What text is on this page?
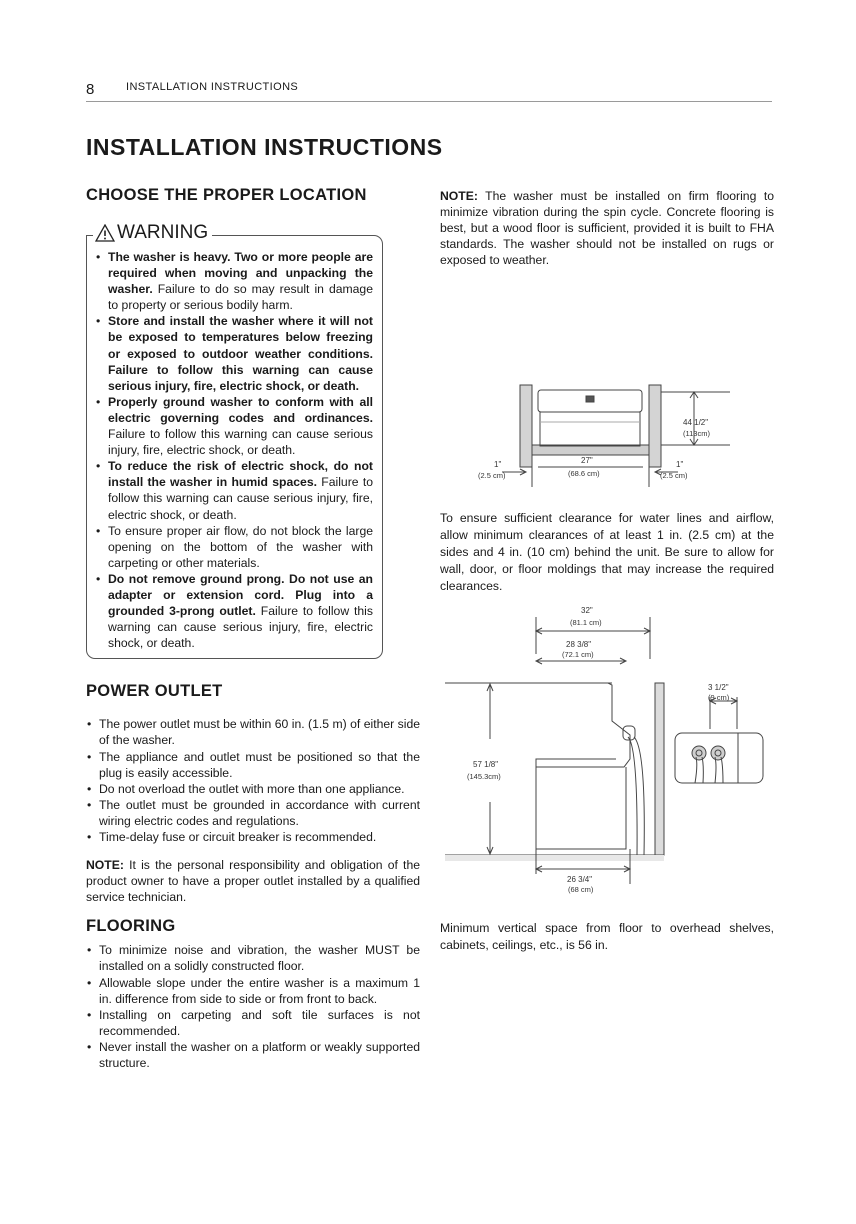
8	INSTALLATION INSTRUCTIONS
INSTALLATION INSTRUCTIONS
CHOOSE THE PROPER LOCATION
WARNING
• The washer is heavy. Two or more people are required when moving and unpacking the washer. Failure to do so may result in damage to property or serious bodily harm.
• Store and install the washer where it will not be exposed to temperatures below freezing or exposed to outdoor weather conditions. Failure to follow this warning can cause serious injury, fire, electric shock, or death.
• Properly ground washer to conform with all electric governing codes and ordinances. Failure to follow this warning can cause serious injury, fire, electric shock, or death.
• To reduce the risk of electric shock, do not install the washer in humid spaces. Failure to follow this warning can cause serious injury, fire, electric shock, or death.
• To ensure proper air flow, do not block the large opening on the bottom of the washer with carpeting or other materials.
• Do not remove ground prong. Do not use an adapter or extension cord. Plug into a grounded 3-prong outlet. Failure to follow this warning can cause serious injury, fire, electric shock, or death.
POWER OUTLET
• The power outlet must be within 60 in. (1.5 m) of either side of the washer.
• The appliance and outlet must be positioned so that the plug is easily accessible.
• Do not overload the outlet with more than one appliance.
• The outlet must be grounded in accordance with current wiring electric codes and regulations.
• Time-delay fuse or circuit breaker is recommended.

NOTE: It is the personal responsibility and obligation of the product owner to have a proper outlet installed by a qualified service technician.

FLOORING
• To minimize noise and vibration, the washer MUST be installed on a solidly constructed floor.
• Allowable slope under the entire washer is a maximum 1 in. difference from side to side or from front to back.
• Installing on carpeting and soft tile surfaces is not recommended.
• Never install the washer on a platform or weakly supported structure.

NOTE: The washer must be installed on firm flooring to minimize vibration during the spin cycle. Concrete flooring is best, but a wood floor is sufficient, provided it is built to FHA standards. The washer should not be installed on rugs or exposed to weather.

44 1/2"
(113cm)
1"
(2.5 cm)
27"
(68.6 cm)
1"
(2.5 cm)

To ensure sufficient clearance for water lines and airflow, allow minimum clearances of at least 1 in. (2.5 cm) at the sides and 4 in. (10 cm) behind the unit. Be sure to allow for wall, door, or floor moldings that may increase the required clearances.

32"
(81.1 cm)
28 3/8"
(72.1 cm)
57 1/8"
(145.3cm)
3 1/2"
(9 cm)
26 3/4"
(68 cm)

Minimum vertical space from floor to overhead shelves, cabinets, ceilings, etc., is 56 in.
